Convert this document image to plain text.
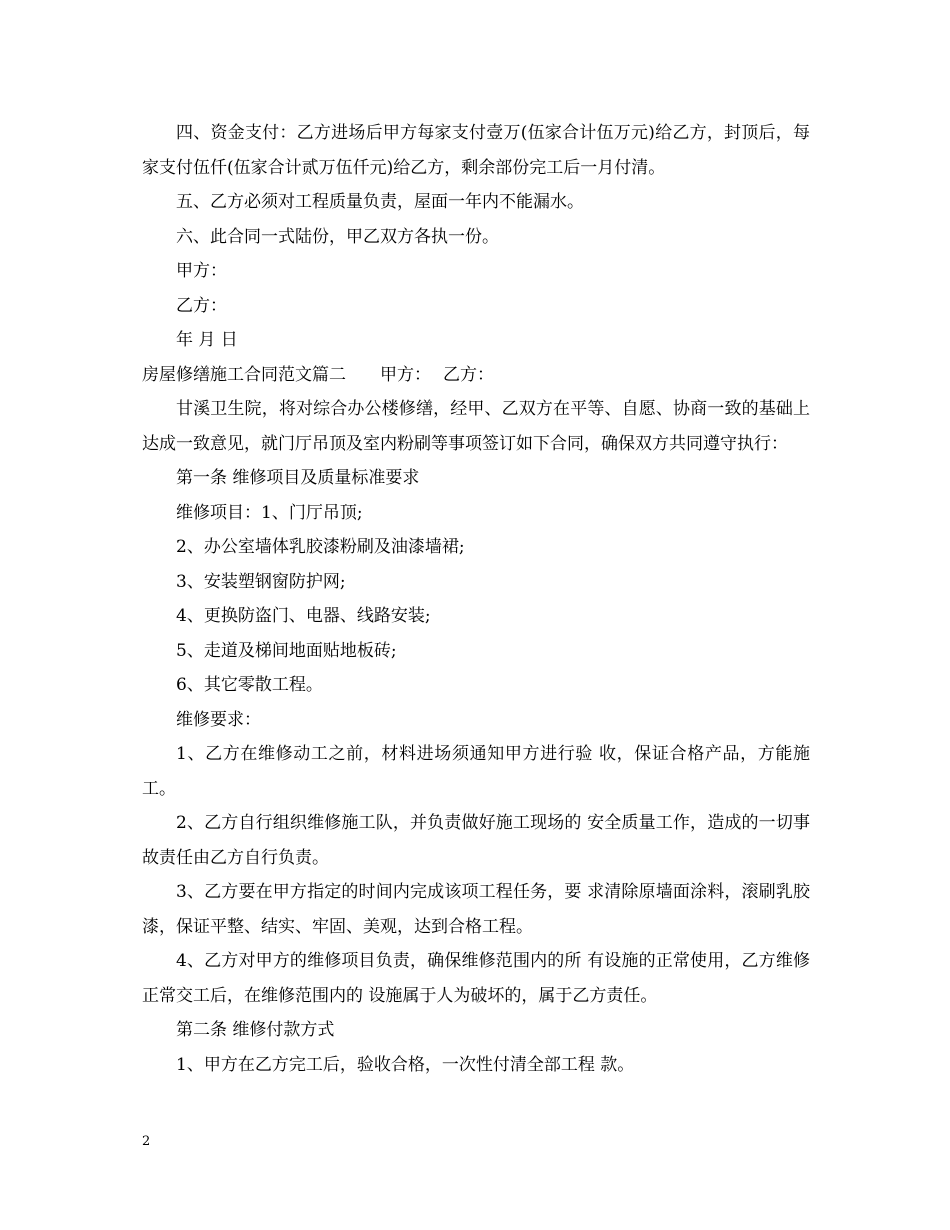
四、资金支付：乙方进场后甲方每家支付壹万(伍家合计伍万元)给乙方，封顶后，每家支付伍仟(伍家合计贰万伍仟元)给乙方，剩余部份完工后一月付清。

五、乙方必须对工程质量负责，屋面一年内不能漏水。

六、此合同一式陆份，甲乙双方各执一份。

甲方：

乙方：

年 月 日

房屋修缮施工合同范文篇二 甲方： 乙方：

甘溪卫生院，将对综合办公楼修缮，经甲、乙双方在平等、自愿、协商一致的基础上达成一致意见，就门厅吊顶及室内粉刷等事项签订如下合同，确保双方共同遵守执行：

第一条 维修项目及质量标准要求

维修项目：1、门厅吊顶;

2、办公室墙体乳胶漆粉刷及油漆墙裙;

3、安装塑钢窗防护网;

4、更换防盗门、电器、线路安装;

5、走道及梯间地面贴地板砖;

6、其它零散工程。

维修要求：

1、乙方在维修动工之前，材料进场须通知甲方进行验 收，保证合格产品，方能施工。

2、乙方自行组织维修施工队，并负责做好施工现场的 安全质量工作，造成的一切事故责任由乙方自行负责。

3、乙方要在甲方指定的时间内完成该项工程任务，要 求清除原墙面涂料，滚刷乳胶漆，保证平整、结实、牢固、美观，达到合格工程。

4、乙方对甲方的维修项目负责，确保维修范围内的所 有设施的正常使用，乙方维修正常交工后，在维修范围内的 设施属于人为破坏的，属于乙方责任。

第二条 维修付款方式

1、甲方在乙方完工后，验收合格，一次性付清全部工程 款。

2
